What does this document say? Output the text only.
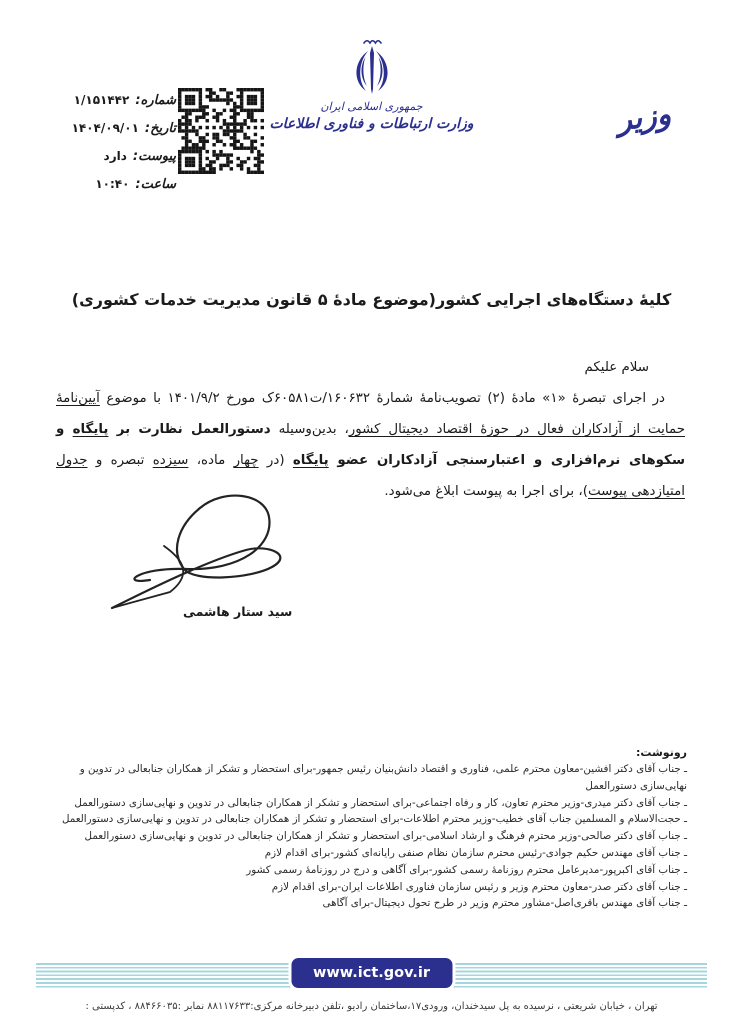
وزیر
جمهوری اسلامی ایران
وزارت ارتباطات و فناوری اطلاعات
شماره:
۱/۱۵۱۴۴۲
تاریخ:
۱۴۰۴/۰۹/۰۱
پیوست:
دارد
ساعت:
۱۰:۴۰
کلیۀ دستگاه‌های اجرایی کشور(موضوع مادۀ ۵ قانون مدیریت خدمات کشوری)
سلام علیکم
در اجرای تبصرۀ «۱» مادۀ (۲) تصویب‌نامۀ شمارۀ ۱۶۰۶۳۲/ت۶۰۵۸۱ک مورخ ۱۴۰۱/۹/۲ با موضوع آیین‌نامۀ حمایت از آزادکاران فعال در حوزۀ اقتصاد دیجیتال کشور، بدین‌وسیله دستورالعمل نظارت بر پایگاه و سکوهای نرم‌افزاری و اعتبارسنجی آزادکاران عضو پایگاه (در چهار ماده، سیزده تبصره و جدول امتیازدهی پیوست)، برای اجرا به پیوست ابلاغ می‌شود.
سید ستار هاشمی
رونوشت:
ـ جناب آقای دکتر افشین-معاون محترم علمی، فناوری و اقتصاد دانش‌بنیان رئیس جمهور-برای استحضار و تشکر از همکاران جنابعالی در تدوین و نهایی‌سازی دستورالعمل
ـ جناب آقای دکتر میدری-وزیر محترم تعاون، کار و رفاه اجتماعی-برای استحضار و تشکر از همکاران جنابعالی در تدوین و نهایی‌سازی دستورالعمل
ـ حجت‌الاسلام و المسلمین جناب آقای خطیب-وزیر محترم اطلاعات-برای استحضار و تشکر از همکاران جنابعالی در تدوین و نهایی‌سازی دستورالعمل
ـ جناب آقای دکتر صالحی-وزیر محترم فرهنگ و ارشاد اسلامی-برای استحضار و تشکر از همکاران جنابعالی در تدوین و نهایی‌سازی دستورالعمل
ـ جناب آقای مهندس حکیم جوادی-رئیس محترم سازمان نظام صنفی رایانه‌ای کشور-برای اقدام لازم
ـ جناب آقای اکبرپور-مدیرعامل محترم روزنامۀ رسمی کشور-برای آگاهی و درج در روزنامۀ رسمی کشور
ـ جناب آقای دکتر صدر-معاون محترم وزیر و رئیس سازمان فناوری اطلاعات ایران-برای اقدام لازم
ـ جناب آقای مهندس باقری‌اصل-مشاور محترم وزیر در طرح تحول دیجیتال-برای آگاهی
www.ict.gov.ir
تهران ، خیابان شریعتی ، نرسیده به پل سیدخندان، ورودی۱۷،ساختمان رادیو ،تلفن دبیرخانه مرکزی:۸۸۱۱۷۶۳۳ نمابر :۸۸۴۶۶۰۳۵ ، کدپستی :
